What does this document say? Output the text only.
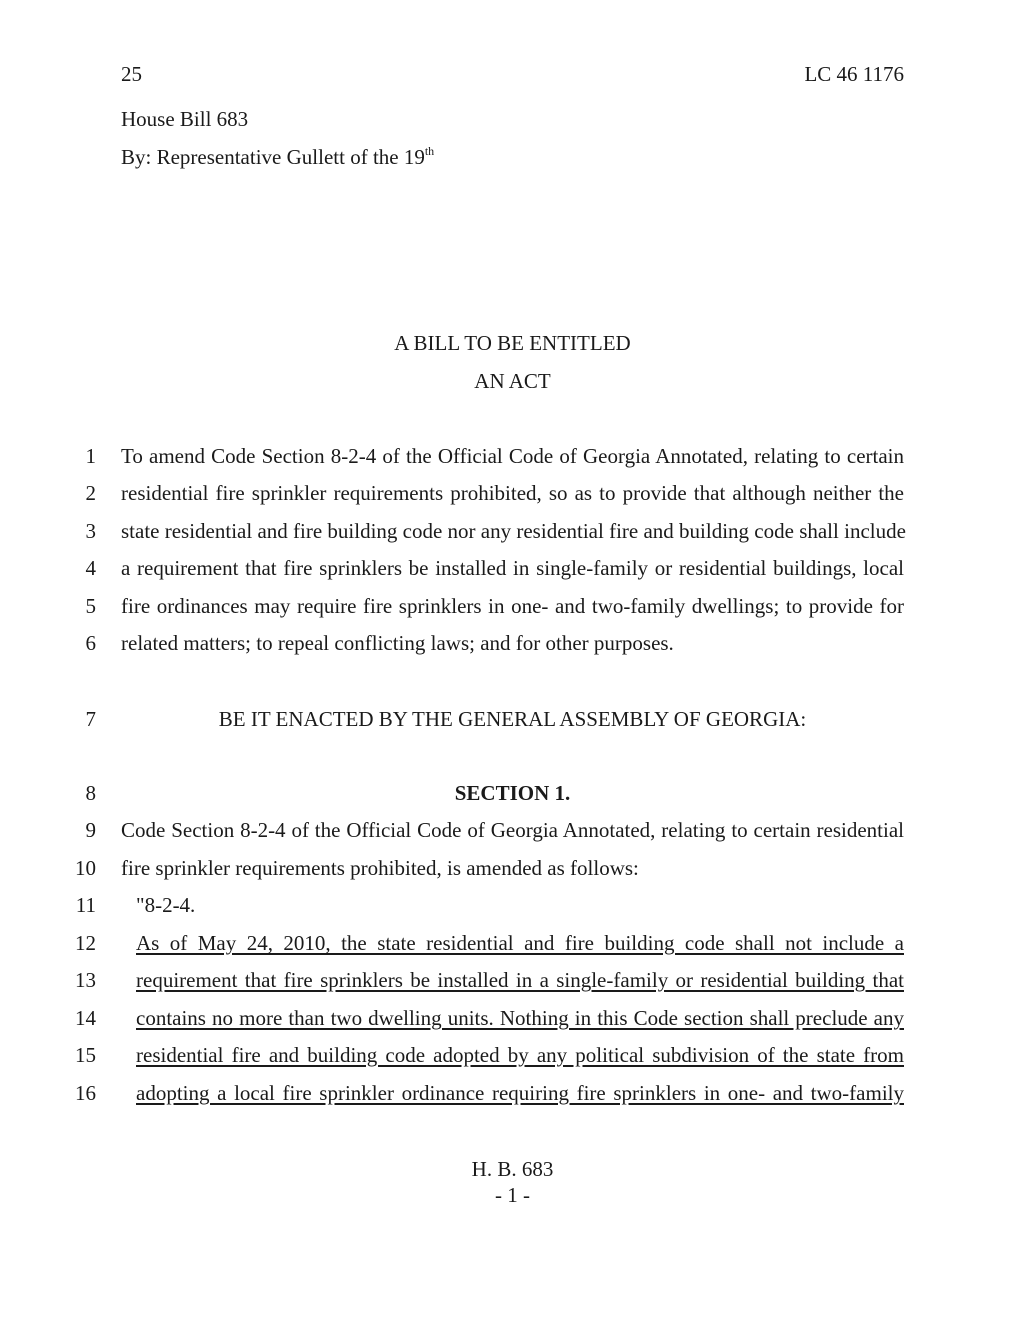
25	LC 46 1176
House Bill 683
By: Representative Gullett of the 19th
A BILL TO BE ENTITLED
AN ACT
1 To amend Code Section 8-2-4 of the Official Code of Georgia Annotated, relating to certain
2 residential fire sprinkler requirements prohibited, so as to provide that although neither the
3 state residential and fire building code nor any residential fire and building code shall include
4 a requirement that fire sprinklers be installed in single-family or residential buildings, local
5 fire ordinances may require fire sprinklers in one- and two-family dwellings; to provide for
6 related matters; to repeal conflicting laws; and for other purposes.
7	BE IT ENACTED BY THE GENERAL ASSEMBLY OF GEORGIA:
8	SECTION 1.
9 Code Section 8-2-4 of the Official Code of Georgia Annotated, relating to certain residential
10 fire sprinkler requirements prohibited, is amended as follows:
11 "8-2-4.
12 As of May 24, 2010, the state residential and fire building code shall not include a
13 requirement that fire sprinklers be installed in a single-family or residential building that
14 contains no more than two dwelling units. Nothing in this Code section shall preclude any
15 residential fire and building code adopted by any political subdivision of the state from
16 adopting a local fire sprinkler ordinance requiring fire sprinklers in one- and two-family
H. B. 683
- 1 -
